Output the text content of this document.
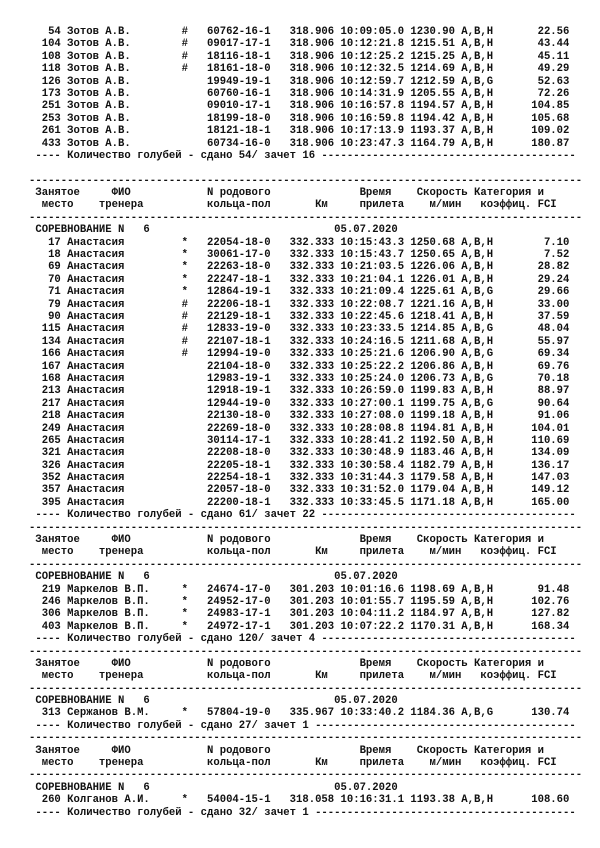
54 Зотов А.В.        #   60762-16-1   318.906 10:09:05.0 1230.90 A,B,H       22.56
104 Зотов А.В.        #   09017-17-1   318.906 10:12:21.8 1215.51 A,B,H       43.44
108 Зотов А.В.        #   18116-18-1   318.906 10:12:25.2 1215.25 A,B,H       45.11
118 Зотов А.В.        #   18161-18-0   318.906 10:12:32.5 1214.69 A,B,H       49.29
126 Зотов А.В.            19949-19-1   318.906 10:12:59.7 1212.59 A,B,G       52.63
173 Зотов А.В.            60760-16-1   318.906 10:14:31.9 1205.55 A,B,H       72.26
251 Зотов А.В.            09010-17-1   318.906 10:16:57.8 1194.57 A,B,H      104.85
253 Зотов А.В.            18199-18-0   318.906 10:16:59.8 1194.42 A,B,H      105.68
261 Зотов А.В.            18121-18-1   318.906 10:17:13.9 1193.37 A,B,H      109.02
433 Зотов А.В.            60734-16-0   318.906 10:23:47.3 1164.79 A,B,H      180.87
---- Количество голубей - сдано 54/ зачет 16 ----------------------------------------
---------------------------------------------------------------------------------------
Занятое     ФИО            N родового              Время    Скорость Категория и
место    тренера          кольца-пол       Км     прилета    м/мин   коэффиц. FCI
---------------------------------------------------------------------------------------
СОРЕВНОВАНИЕ N   6                             05.07.2020
17 Анастасия         *   22054-18-0   332.333 10:15:43.3 1250.68 A,B,H        7.10
18 Анастасия         *   30061-17-0   332.333 10:15:43.7 1250.65 A,B,H        7.52
69 Анастасия         *   22263-18-0   332.333 10:21:03.5 1226.06 A,B,H       28.82
70 Анастасия         *   22247-18-1   332.333 10:21:04.1 1226.01 A,B,H       29.24
71 Анастасия         *   12864-19-1   332.333 10:21:09.4 1225.61 A,B,G       29.66
79 Анастасия         #   22206-18-1   332.333 10:22:08.7 1221.16 A,B,H       33.00
90 Анастасия         #   22129-18-1   332.333 10:22:45.6 1218.41 A,B,H       37.59
115 Анастасия         #   12833-19-0   332.333 10:23:33.5 1214.85 A,B,G       48.04
134 Анастасия         #   22107-18-1   332.333 10:24:16.5 1211.68 A,B,H       55.97
166 Анастасия         #   12994-19-0   332.333 10:25:21.6 1206.90 A,B,G       69.34
167 Анастасия             22104-18-0   332.333 10:25:22.2 1206.86 A,B,H       69.76
168 Анастасия             12983-19-1   332.333 10:25:24.0 1206.73 A,B,G       70.18
213 Анастасия             12918-19-1   332.333 10:26:59.0 1199.83 A,B,H       88.97
217 Анастасия             12944-19-0   332.333 10:27:00.1 1199.75 A,B,G       90.64
218 Анастасия             22130-18-0   332.333 10:27:08.0 1199.18 A,B,H       91.06
249 Анастасия             22269-18-0   332.333 10:28:08.8 1194.81 A,B,H      104.01
265 Анастасия             30114-17-1   332.333 10:28:41.2 1192.50 A,B,H      110.69
321 Анастасия             22208-18-0   332.333 10:30:48.9 1183.46 A,B,H      134.09
326 Анастасия             22205-18-1   332.333 10:30:58.4 1182.79 A,B,H      136.17
352 Анастасия             22254-18-1   332.333 10:31:44.3 1179.58 A,B,H      147.03
357 Анастасия             22057-18-0   332.333 10:31:52.0 1179.04 A,B,H      149.12
395 Анастасия             22200-18-1   332.333 10:33:45.5 1171.18 A,B,H      165.00
---- Количество голубей - сдано 61/ зачет 22 ----------------------------------------
---------------------------------------------------------------------------------------
Занятое     ФИО            N родового              Время    Скорость Категория и
место    тренера          кольца-пол       Км     прилета    м/мин   коэффиц. FCI
---------------------------------------------------------------------------------------
СОРЕВНОВАНИЕ N   6                             05.07.2020
219 Маркелов В.П.     *   24674-17-0   301.203 10:01:16.6 1198.69 A,B,H       91.48
246 Маркелов В.П.     *   24952-17-0   301.203 10:01:55.7 1195.59 A,B,H      102.76
306 Маркелов В.П.     *   24983-17-1   301.203 10:04:11.2 1184.97 A,B,H      127.82
403 Маркелов В.П.     *   24972-17-1   301.203 10:07:22.2 1170.31 A,B,H      168.34
---- Количество голубей - сдано 120/ зачет 4 ----------------------------------------
---------------------------------------------------------------------------------------
Занятое     ФИО            N родового              Время    Скорость Категория и
место    тренера          кольца-пол       Км     прилета    м/мин   коэффиц. FCI
---------------------------------------------------------------------------------------
СОРЕВНОВАНИЕ N   6                             05.07.2020
313 Сержанов В.М.     *   57804-19-0   335.967 10:33:40.2 1184.36 A,B,G      130.74
---- Количество голубей - сдано 27/ зачет 1 -----------------------------------------
---------------------------------------------------------------------------------------
Занятое     ФИО            N родового              Время    Скорость Категория и
место    тренера          кольца-пол       Км     прилета    м/мин   коэффиц. FCI
---------------------------------------------------------------------------------------
СОРЕВНОВАНИЕ N   6                             05.07.2020
260 Колганов А.И.     *   54004-15-1   318.058 10:16:31.1 1193.38 A,B,H      108.60
---- Количество голубей - сдано 32/ зачет 1 -----------------------------------------
